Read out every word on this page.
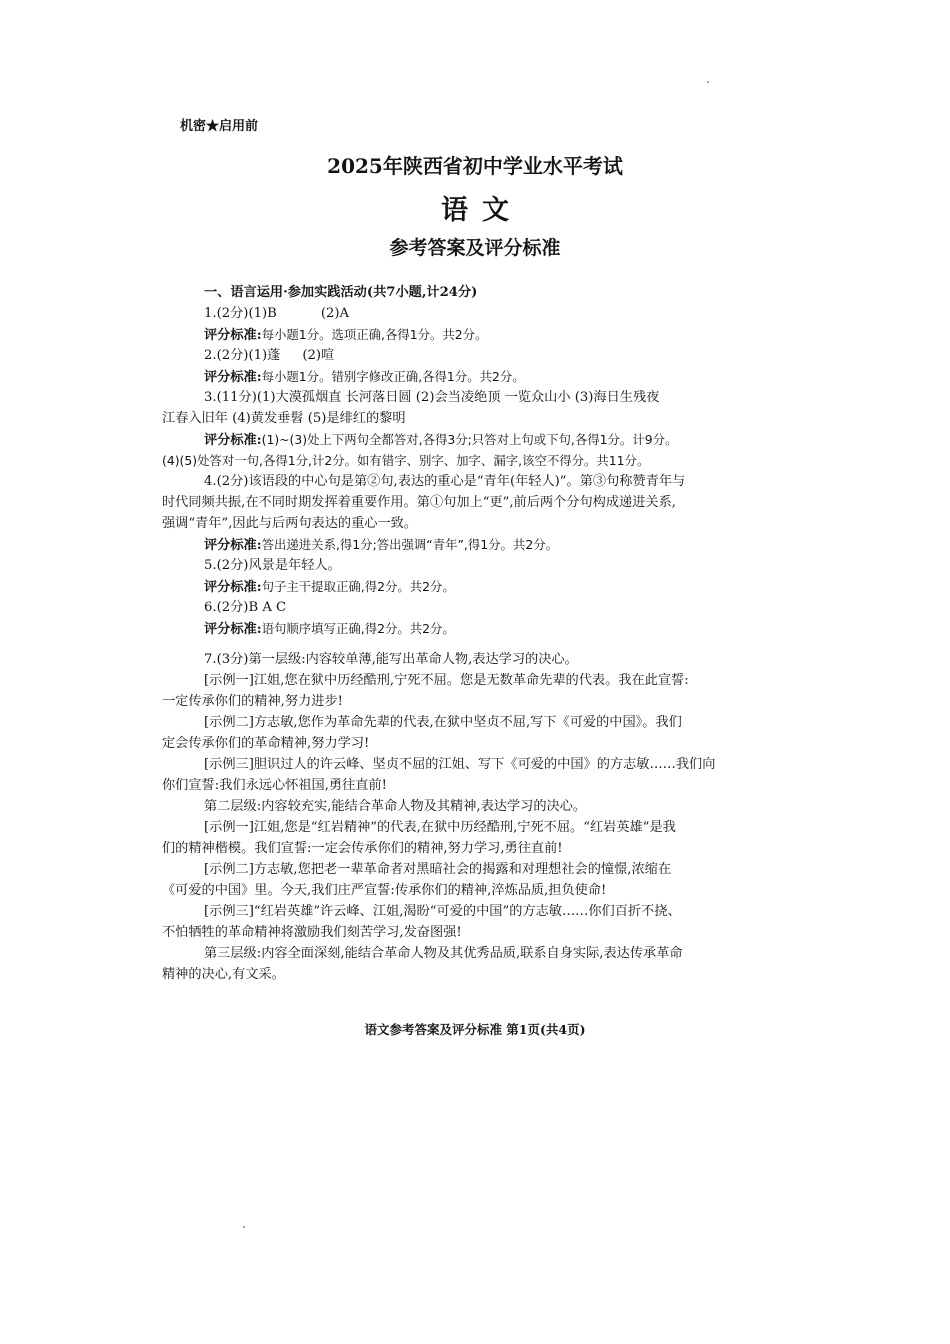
机密★启用前
2025年陕西省初中学业水平考试
语文
参考答案及评分标准
一、语言运用·参加实践活动(共7小题,计24分)
1.(2分)(1)B	(2)A
评分标准:每小题1分。选项正确,各得1分。共2分。
2.(2分)(1)蓬 (2)喧
评分标准:每小题1分。错别字修改正确,各得1分。共2分。
3.(11分)(1)大漠孤烟直 长河落日圆 (2)会当凌绝顶 一览众山小 (3)海日生残夜
江春入旧年 (4)黄发垂髫 (5)是绯红的黎明
评分标准:(1)~(3)处上下两句全都答对,各得3分;只答对上句或下句,各得1分。计9分。
(4)(5)处答对一句,各得1分,计2分。如有错字、别字、加字、漏字,该空不得分。共11分。
4.(2分)该语段的中心句是第②句,表达的重心是“青年(年轻人)”。第③句称赞青年与
时代同频共振,在不同时期发挥着重要作用。第①句加上“更”,前后两个分句构成递进关系,
强调“青年”,因此与后两句表达的重心一致。
评分标准:答出递进关系,得1分;答出强调“青年”,得1分。共2分。
5.(2分)风景是年轻人。
评分标准:句子主干提取正确,得2分。共2分。
6.(2分)B A C
评分标准:语句顺序填写正确,得2分。共2分。
7.(3分)第一层级:内容较单薄,能写出革命人物,表达学习的决心。
[示例一]江姐,您在狱中历经酷刑,宁死不屈。您是无数革命先辈的代表。我在此宣誓:
一定传承你们的精神,努力进步!
[示例二]方志敏,您作为革命先辈的代表,在狱中坚贞不屈,写下《可爱的中国》。我们
定会传承你们的革命精神,努力学习!
[示例三]胆识过人的许云峰、坚贞不屈的江姐、写下《可爱的中国》的方志敏……我们向
你们宣誓:我们永远心怀祖国,勇往直前!
第二层级:内容较充实,能结合革命人物及其精神,表达学习的决心。
[示例一]江姐,您是“红岩精神”的代表,在狱中历经酷刑,宁死不屈。“红岩英雄”是我
们的精神楷模。我们宣誓:一定会传承你们的精神,努力学习,勇往直前!
[示例二]方志敏,您把老一辈革命者对黑暗社会的揭露和对理想社会的憧憬,浓缩在
《可爱的中国》里。今天,我们庄严宣誓:传承你们的精神,淬炼品质,担负使命!
[示例三]“红岩英雄”许云峰、江姐,渴盼“可爱的中国”的方志敏……你们百折不挠、
不怕牺牲的革命精神将激励我们刻苦学习,发奋图强!
第三层级:内容全面深刻,能结合革命人物及其优秀品质,联系自身实际,表达传承革命
精神的决心,有文采。
语文参考答案及评分标准 第1页(共4页)
